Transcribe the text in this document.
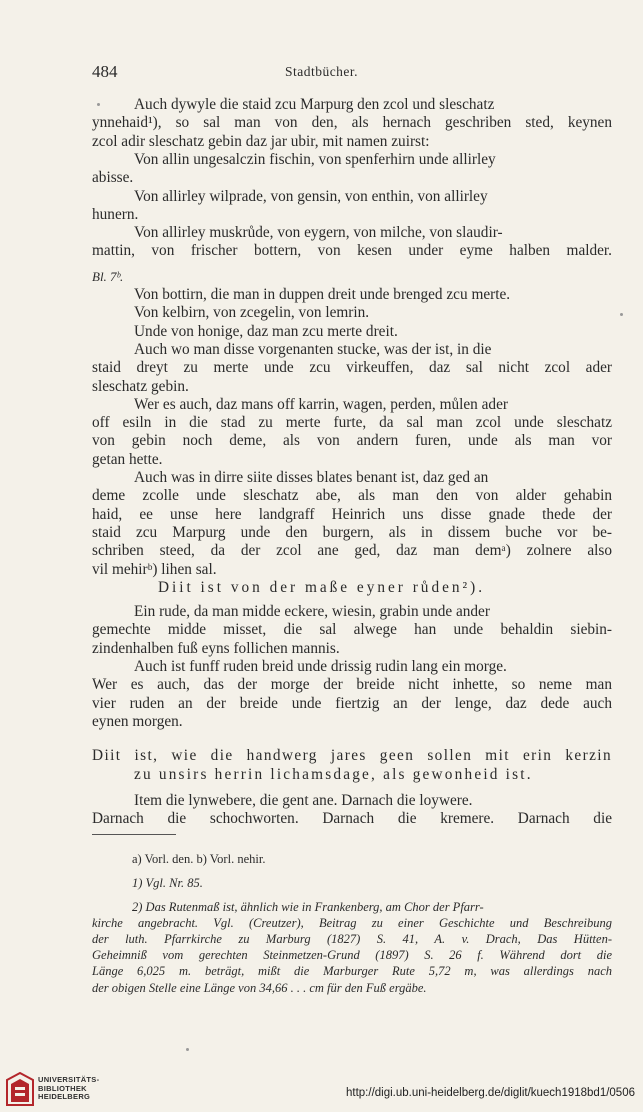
484	Stadtbücher.
Auch dywyle die staid zcu Marpurg den zcol und sleschatz
ynnehaid¹), so sal man von den, als hernach geschriben sted, keynen
zcol adir sleschatz gebin daz jar ubir, mit namen zuirst:
Von allin ungesalczin fischin, von spenferhirn unde allirley
abisse.
Von allirley wilprade, von gensin, von enthin, von allirley
hunern.
Von allirley muskrůde, von eygern, von milche, von slaudir-
mattin, von frischer bottern, von kesen under eyme halben malder.
Bl. 7ᵇ.
Von bottirn, die man in duppen dreit unde brenged zcu merte.
Von kelbirn, von zcegelin, von lemrin.
Unde von honige, daz man zcu merte dreit.
Auch wo man disse vorgenanten stucke, was der ist, in die
staid dreyt zu merte unde zcu virkeuffen, daz sal nicht zcol ader
sleschatz gebin.
Wer es auch, daz mans off karrin, wagen, perden, můlen ader
off esiln in die stad zu merte furte, da sal man zcol unde sleschatz
von gebin noch deme, als von andern furen, unde als man vor
getan hette.
Auch was in dirre siite disses blates benant ist, daz ged an
deme zcolle unde sleschatz abe, als man den von alder gehabin
haid, ee unse here landgraff Heinrich uns disse gnade thede der
staid zcu Marpurg unde den burgern, als in dissem buche vor be-
schriben steed, da der zcol ane ged, daz man demᵃ) zolnere also
vil mehirᵇ) lihen sal.
Diit ist von der maße eyner růden²).
Ein rude, da man midde eckere, wiesin, grabin unde ander
gemechte midde misset, die sal alwege han unde behaldin siebin-
zindenhalben fuß eyns follichen mannis.
Auch ist funff ruden breid unde drissig rudin lang ein morge.
Wer es auch, das der morge der breide nicht inhette, so neme man
vier ruden an der breide unde fiertzig an der lenge, daz dede auch
eynen morgen.
Diit ist, wie die handwerg jares geen sollen mit erin kerzin
zu unsirs herrin lichamsdage, als gewonheid ist.
Item die lynwebere, die gent ane. Darnach die loywere.
Darnach die schochworten. Darnach die kremere. Darnach die
a) Vorl. den. b) Vorl. nehir.
1) Vgl. Nr. 85.
2) Das Rutenmaß ist, ähnlich wie in Frankenberg, am Chor der Pfarr-
kirche angebracht. Vgl. (Creutzer), Beitrag zu einer Geschichte und Beschreibung
der luth. Pfarrkirche zu Marburg (1827) S. 41, A. v. Drach, Das Hütten-
Geheimniß vom gerechten Steinmetzen-Grund (1897) S. 26 f. Während dort die
Länge 6,025 m. beträgt, mißt die Marburger Rute 5,72 m, was allerdings nach
der obigen Stelle eine Länge von 34,66 . . . cm für den Fuß ergäbe.
UNIVERSITÄTS-
BIBLIOTHEK
HEIDELBERG	http://digi.ub.uni-heidelberg.de/diglit/kuech1918bd1/0506
